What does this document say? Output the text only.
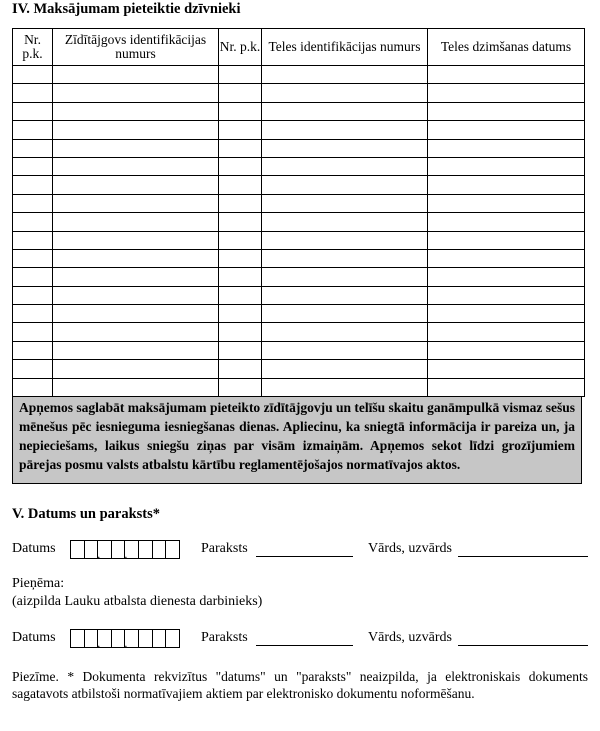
IV. Maksājumam pieteiktie dzīvnieki
Nr. p.k.	Zīdītājgovs identifikācijas numurs	Nr. p.k.	Teles identifikācijas numurs	Teles dzimšanas datums

Apņemos saglabāt maksājumam pieteikto zīdītājgovju un telīšu skaitu ganāmpulkā vismaz sešus mēnešus pēc iesnieguma iesniegšanas dienas. Apliecinu, ka sniegtā informācija ir pareiza un, ja nepieciešams, laikus sniegšu ziņas par visām izmaiņām. Apņemos sekot līdzi grozījumiem pārejas posmu valsts atbalstu kārtību reglamentējošajos normatīvajos aktos.
V. Datums un paraksts*
Datums . .	Paraksts	Vārds, uzvārds
Pieņēma:
(aizpilda Lauku atbalsta dienesta darbinieks)
Datums . .	Paraksts	Vārds, uzvārds
Piezīme. * Dokumenta rekvizītus "datums" un "paraksts" neaizpilda, ja elektroniskais dokuments sagatavots atbilstoši normatīvajiem aktiem par elektronisko dokumentu noformēšanu.
